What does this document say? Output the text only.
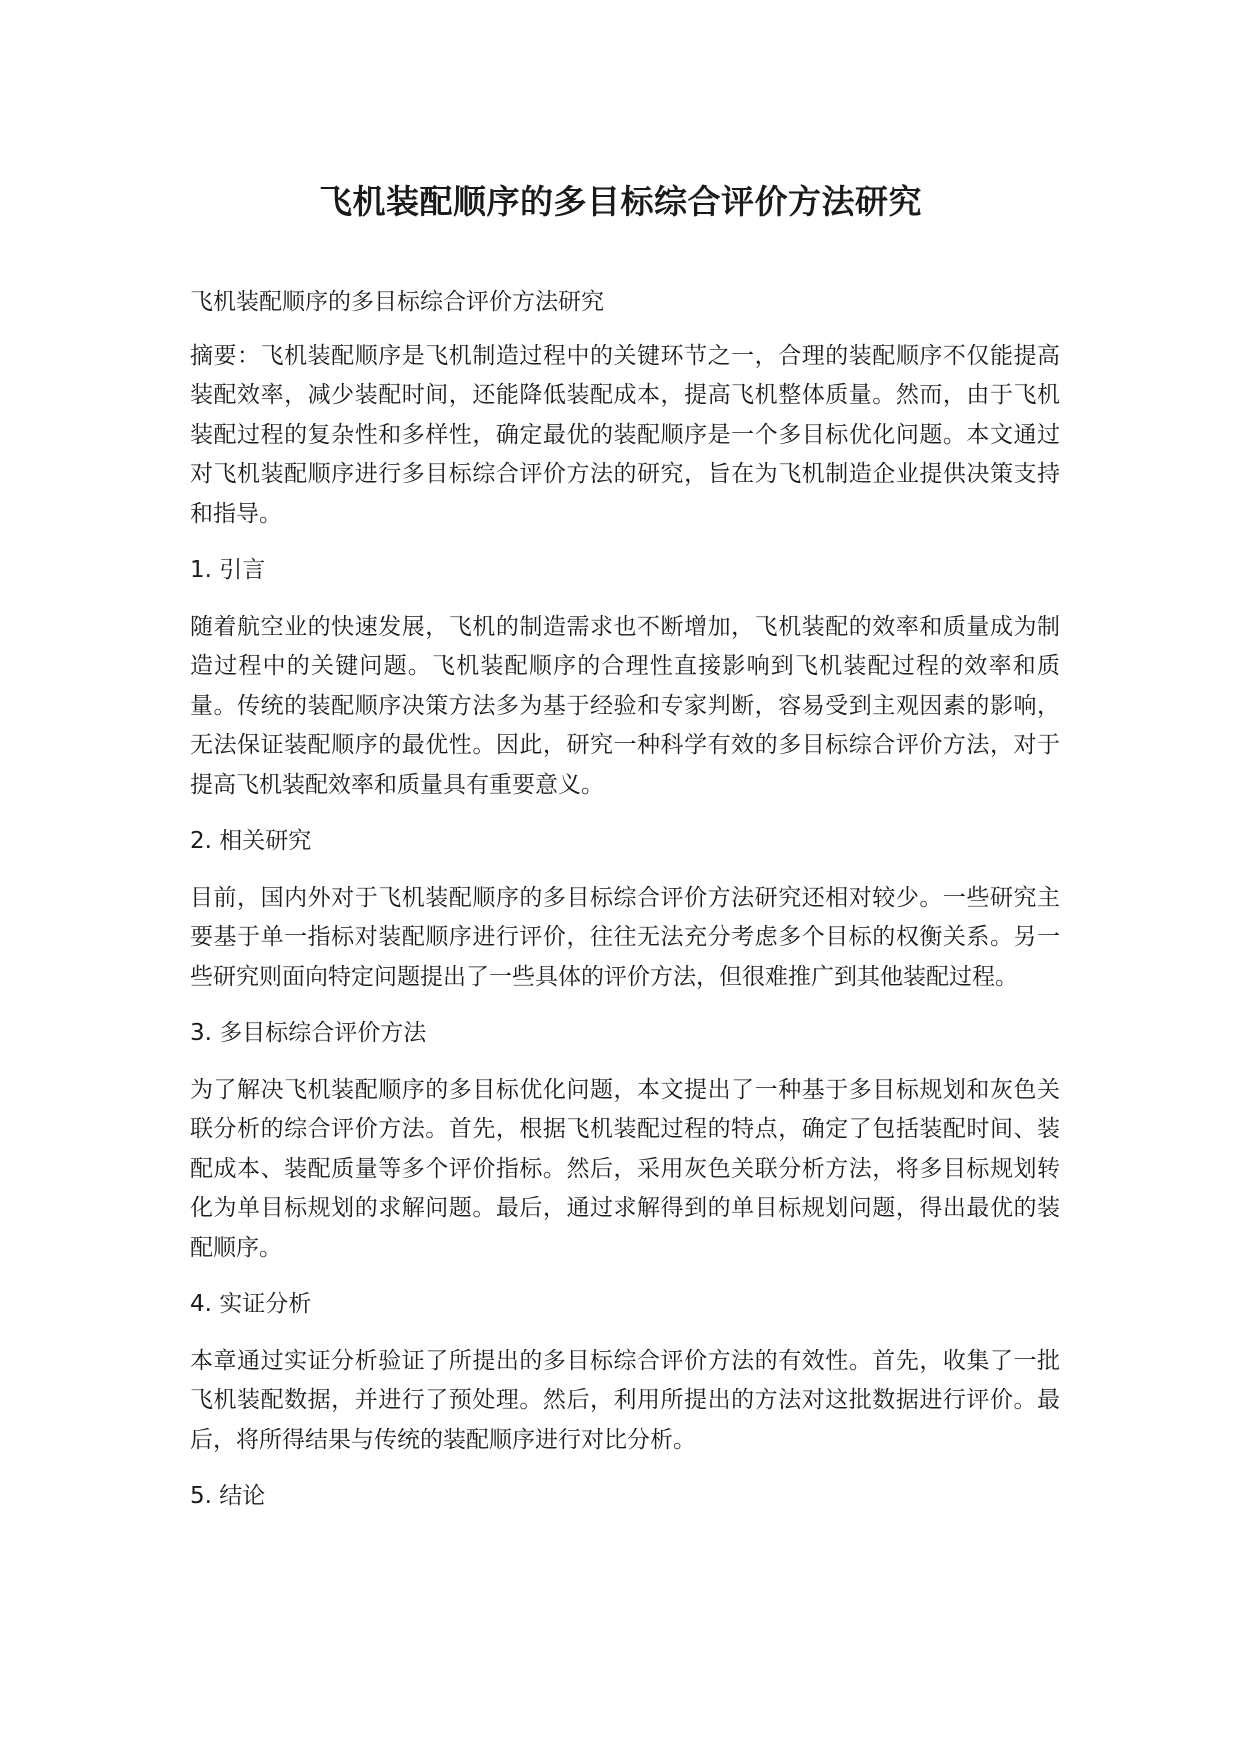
飞机装配顺序的多目标综合评价方法研究

飞机装配顺序的多目标综合评价方法研究

摘要：飞机装配顺序是飞机制造过程中的关键环节之一，合理的装配顺序不仅能提高装配效率，减少装配时间，还能降低装配成本，提高飞机整体质量。然而，由于飞机装配过程的复杂性和多样性，确定最优的装配顺序是一个多目标优化问题。本文通过对飞机装配顺序进行多目标综合评价方法的研究，旨在为飞机制造企业提供决策支持和指导。

1. 引言

随着航空业的快速发展，飞机的制造需求也不断增加，飞机装配的效率和质量成为制造过程中的关键问题。飞机装配顺序的合理性直接影响到飞机装配过程的效率和质量。传统的装配顺序决策方法多为基于经验和专家判断，容易受到主观因素的影响，无法保证装配顺序的最优性。因此，研究一种科学有效的多目标综合评价方法，对于提高飞机装配效率和质量具有重要意义。

2. 相关研究

目前，国内外对于飞机装配顺序的多目标综合评价方法研究还相对较少。一些研究主要基于单一指标对装配顺序进行评价，往往无法充分考虑多个目标的权衡关系。另一些研究则面向特定问题提出了一些具体的评价方法，但很难推广到其他装配过程。

3. 多目标综合评价方法

为了解决飞机装配顺序的多目标优化问题，本文提出了一种基于多目标规划和灰色关联分析的综合评价方法。首先，根据飞机装配过程的特点，确定了包括装配时间、装配成本、装配质量等多个评价指标。然后，采用灰色关联分析方法，将多目标规划转化为单目标规划的求解问题。最后，通过求解得到的单目标规划问题，得出最优的装配顺序。

4. 实证分析

本章通过实证分析验证了所提出的多目标综合评价方法的有效性。首先，收集了一批飞机装配数据，并进行了预处理。然后，利用所提出的方法对这批数据进行评价。最后，将所得结果与传统的装配顺序进行对比分析。

5. 结论
